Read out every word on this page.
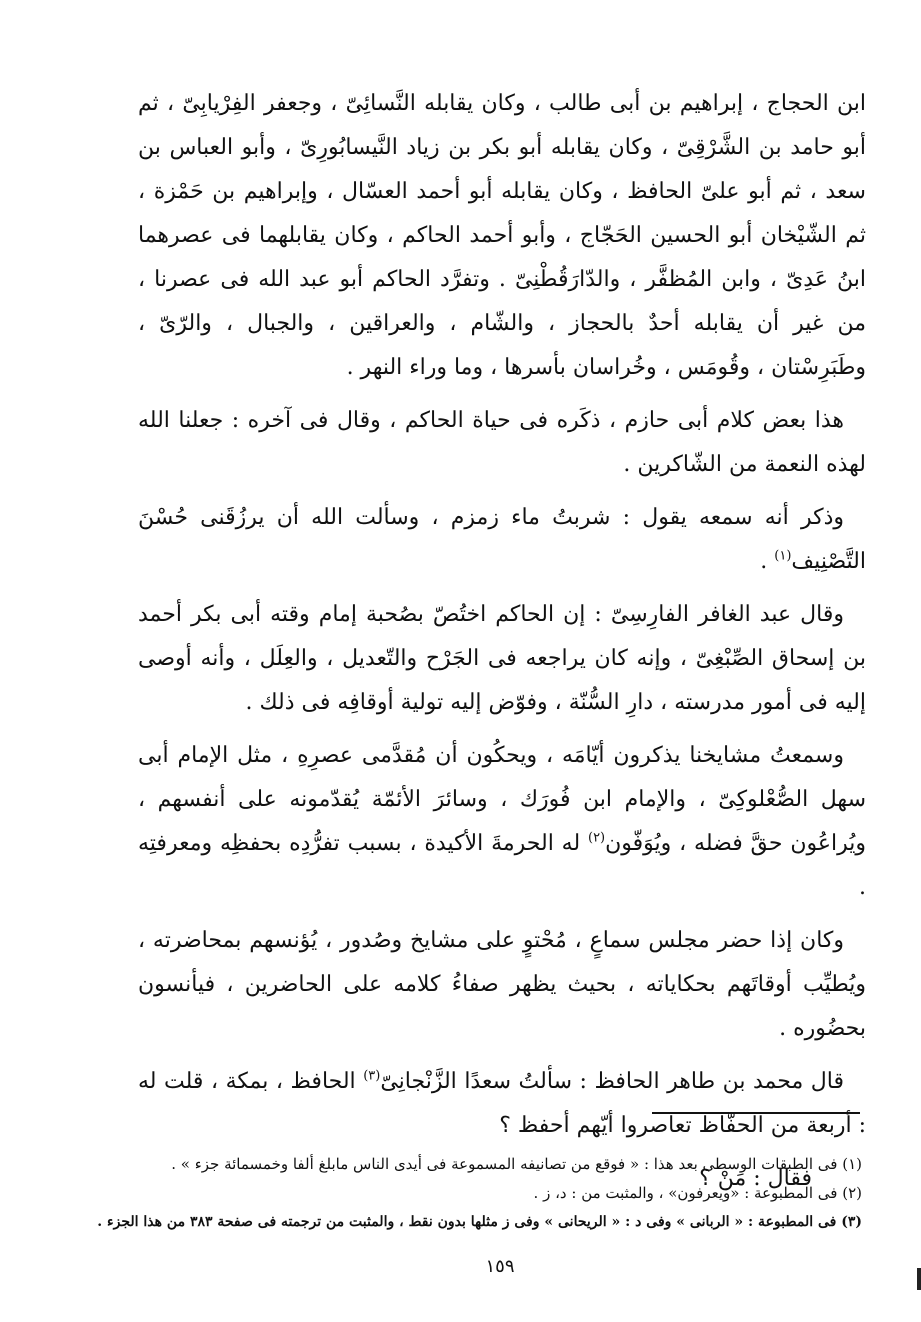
ابن الحجاج ، إبراهيم بن أبى طالب ، وكان يقابله النَّسائِىّ ، وجعفر الفِرْيابِىّ ، ثم أبو حامد بن الشَّرْقِىّ ، وكان يقابله أبو بكر بن زياد النَّيسابُورِىّ ، وأبو العباس بن سعد ، ثم أبو علىّ الحافظ ، وكان يقابله أبو أحمد العسّال ، وإبراهيم بن حَمْزة ، ثم الشّيْخان أبو الحسين الحَجّاج ، وأبو أحمد الحاكم ، وكان يقابلهما فى عصرهما ابنُ عَدِىّ ، وابن المُظفَّر ، والدّارَقُطْنِىّ . وتفرَّد الحاكم أبو عبد الله فى عصرنا ، من غير أن يقابله أحدٌ بالحجاز ، والشّام ، والعراقين ، والجبال ، والرّىّ ، وطَبَرِسْتان ، وقُومَس ، وخُراسان بأسرها ، وما وراء النهر .

هذا بعض كلام أبى حازم ، ذكَره فى حياة الحاكم ، وقال فى آخره : جعلنا الله لهذه النعمة من الشّاكرين .

وذكر أنه سمعه يقول : شربتُ ماء زمزم ، وسألت الله أن يرزُقَنى حُسْنَ التَّصْنِيف$^{(١)}$ .

وقال عبد الغافر الفارِسِىّ : إن الحاكم اختُصّ بصُحبة إمام وقته أبى بكر أحمد بن إسحاق الصِّبْغِىّ ، وإنه كان يراجعه فى الجَرْح والتّعديل ، والعِلَل ، وأنه أوصى إليه فى أمور مدرسته ، دارِ السُّنّة ، وفوّض إليه تولية أوقافِه فى ذلك .

وسمعتُ مشايخنا يذكرون أيّامَه ، ويحكُون أن مُقدَّمى عصرِهِ ، مثل الإمام أبى سهل الصُّعْلوكِىّ ، والإمام ابن فُورَك ، وسائرَ الأئمّة يُقدّمونه على أنفسهم ، ويُراعُون حقَّ فضله ، ويُوَفّون$^{(٢)}$ له الحرمةَ الأكيدة ، بسبب تفرُّدِه بحفظِه ومعرفتِه .

وكان إذا حضر مجلس سماعٍ ، مُحْتوٍ على مشايخ وصُدور ، يُؤنسهم بمحاضرته ، ويُطيِّب أوقاتَهم بحكاياته ، بحيث يظهر صفاءُ كلامه على الحاضرين ، فيأنسون بحضُوره .

قال محمد بن طاهر الحافظ : سألتُ سعدًا الزَّنْجانِىّ$^{(٣)}$ الحافظ ، بمكة ، قلت له : أربعة من الحفّاظ تعاصروا أيّهم أحفظ ؟

فقال : مَنْ ؟

(١) فى الطبقات الوسطى بعد هذا : « فوقع من تصانيفه المسموعة فى أيدى الناس مابلغ ألفا وخمسمائة جزء » .

(٢) فى المطبوعة : «ويعرفون» ، والمثبت من : د، ز .

(٣) فى المطبوعة : « الربانى » وفى د : « الريحانى » وفى ز مثلها بدون نقط ، والمثبت من ترجمته فى صفحة ٣٨٣ من هذا الجزء .

١٥٩
